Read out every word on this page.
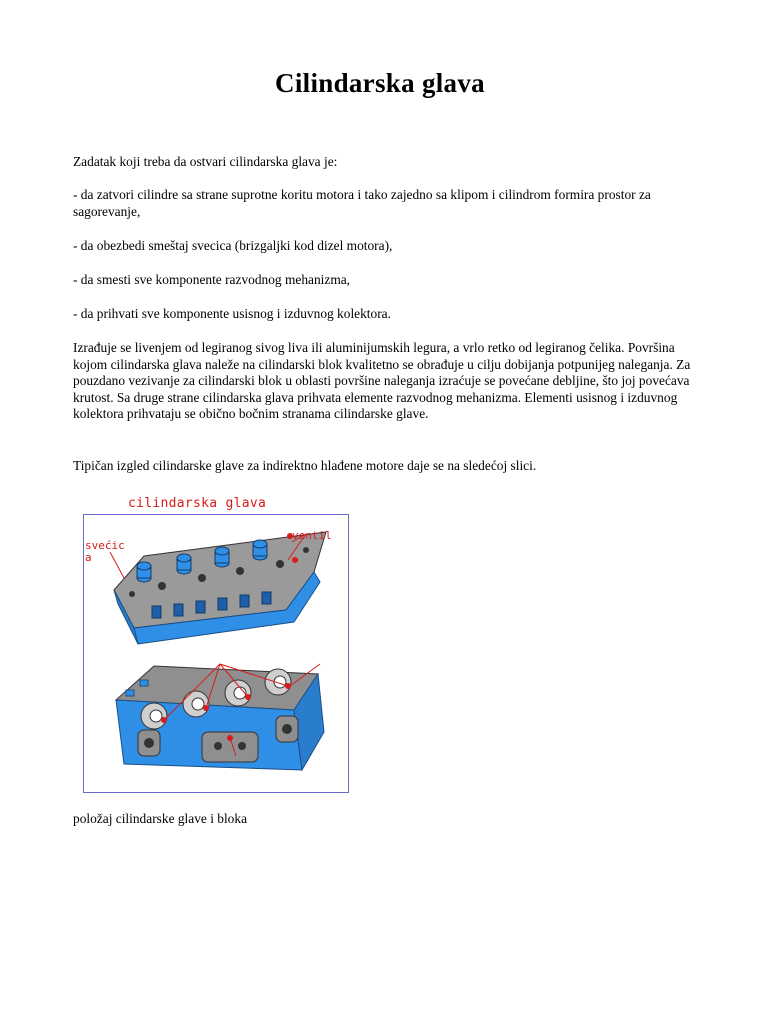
Cilindarska glava

Zadatak koji treba da ostvari cilindarska glava je:

- da zatvori cilindre sa strane suprotne koritu motora i tako zajedno sa klipom i cilindrom formira prostor za sagorevanje,

- da obezbedi smeštaj svecica (brizgaljki kod dizel motora),

- da smesti sve komponente razvodnog mehanizma,

- da prihvati sve komponente usisnog i izduvnog kolektora.

Izrađuje se livenjem od legiranog sivog liva ili aluminijumskih legura, a vrlo retko od legiranog čelika. Površina kojom cilindarska glava naleže na cilindarski blok kvalitetno se obrađuje u cilju dobijanja potpunijeg naleganja. Za pouzdano vezivanje za cilindarski blok u oblasti površine naleganja izraćuje se povećane debljine, što joj povećava krutost. Sa druge strane cilindarska glava prihvata elemente razvodnog mehanizma. Elementi usisnog i izduvnog kolektora prihvataju se obično bočnim stranama cilindarske glave.

Tipičan izgled cilindarske glave za indirektno hlađene motore daje se na sledećoj slici.

cilindarska glava
svećic
a
ventil

položaj cilindarske glave i bloka
